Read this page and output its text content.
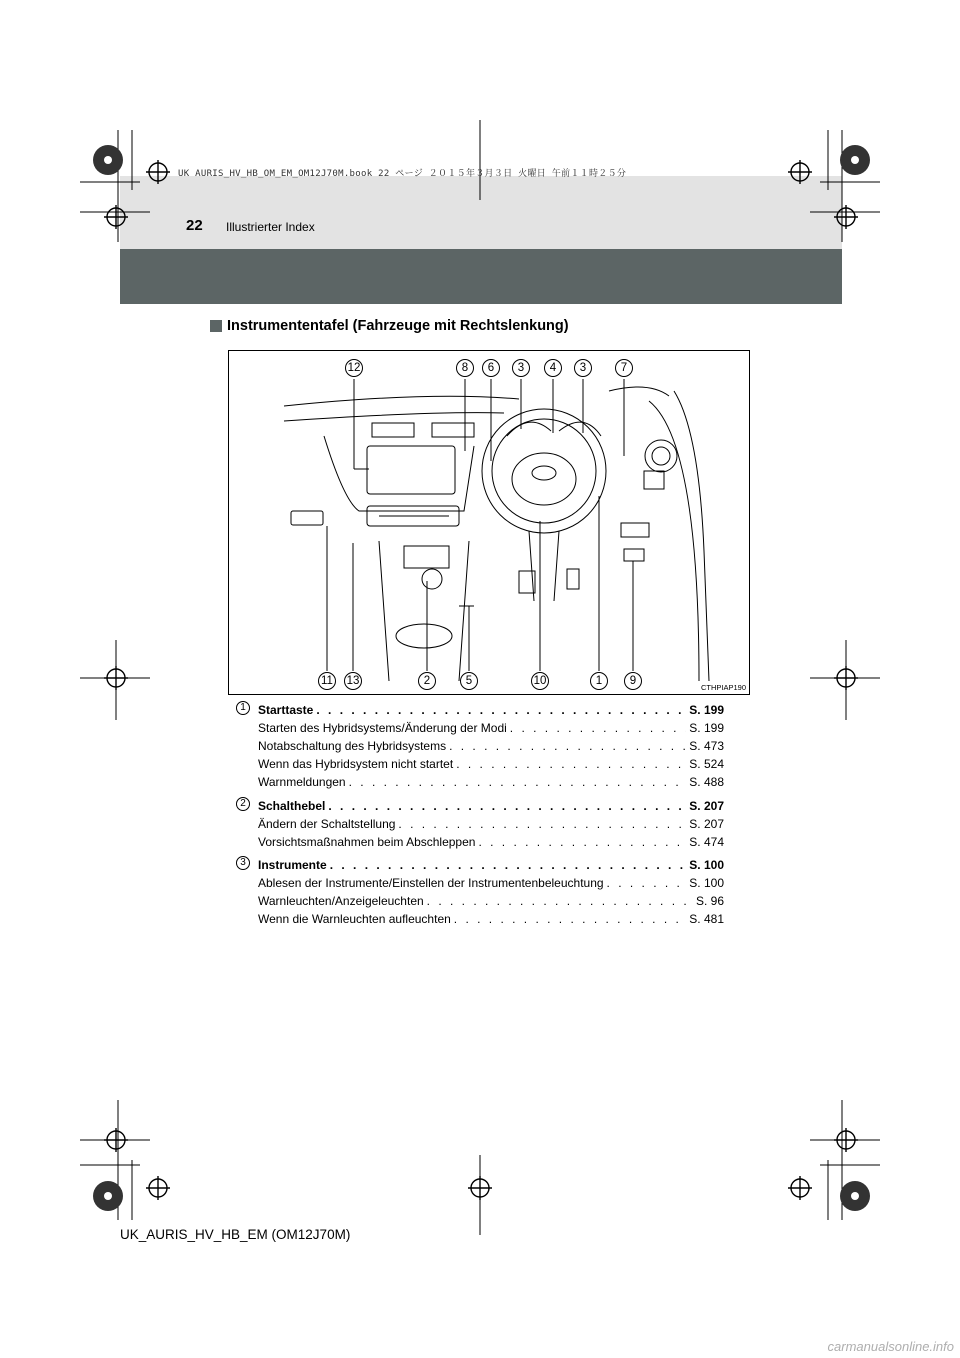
UK AURIS_HV_HB_OM_EM_OM12J70M.book 22 ページ ２０１５年３月３日 火曜日 午前１１時２５分
22 Illustrierter Index
Instrumententafel (Fahrzeuge mit Rechtslenkung)
12	8	6	3	4	3	7
11 13	2	5	10	1	9
CTHPIAP190
1	Starttaste . . .	S. 199
Starten des Hybridsystems/Änderung der Modi . . .	S. 199
Notabschaltung des Hybridsystems . . .	S. 473
Wenn das Hybridsystem nicht startet . . .	S. 524
Warnmeldungen . . .	S. 488
2	Schalthebel . . .	S. 207
Ändern der Schaltstellung . . .	S. 207
Vorsichtsmaßnahmen beim Abschleppen . . .	S. 474
3	Instrumente . . .	S. 100
Ablesen der Instrumente/Einstellen der Instrumentenbeleuchtung . . .	S. 100
Warnleuchten/Anzeigeleuchten . . .	S. 96
Wenn die Warnleuchten aufleuchten . . .	S. 481
UK_AURIS_HV_HB_EM (OM12J70M)
carmanualsonline.info
